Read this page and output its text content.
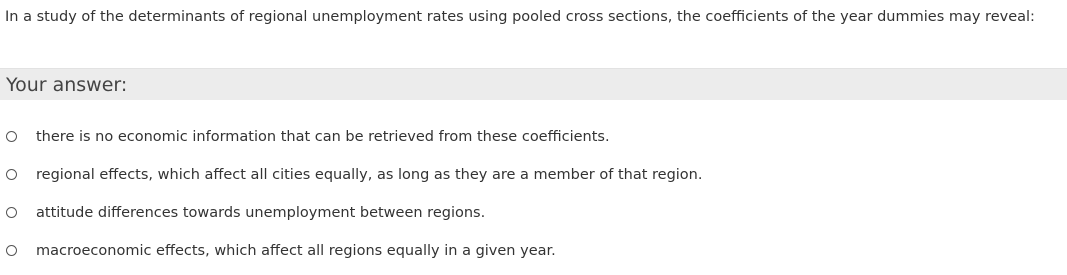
In a study of the determinants of regional unemployment rates using pooled cross sections, the coefficients of the year dummies may reveal:
Your answer:
there is no economic information that can be retrieved from these coefficients.
regional effects, which affect all cities equally, as long as they are a member of that region.
attitude differences towards unemployment between regions.
macroeconomic effects, which affect all regions equally in a given year.
